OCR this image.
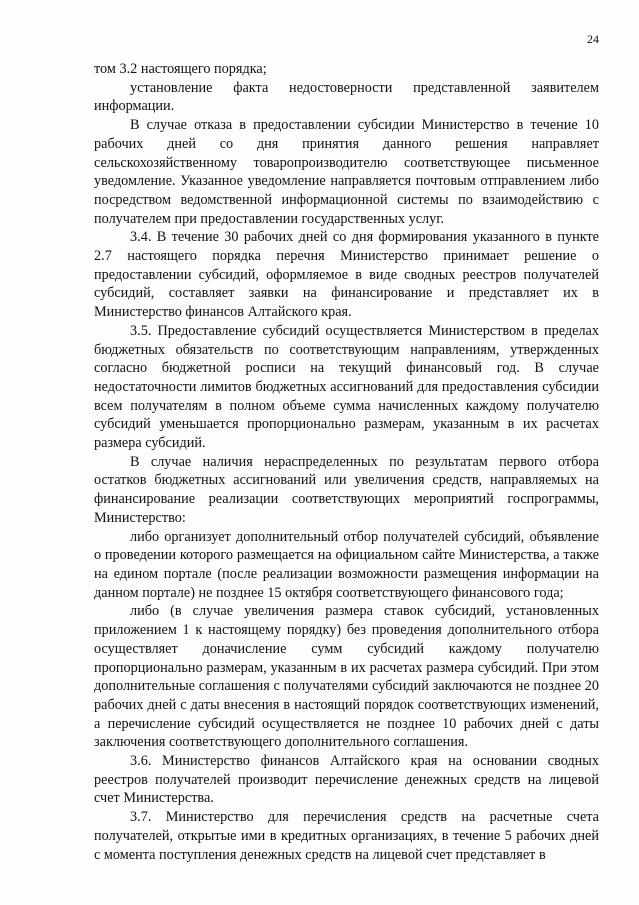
24

том 3.2 настоящего порядка;

установление факта недостоверности представленной заявителем информации.

В случае отказа в предоставлении субсидии Министерство в течение 10 рабочих дней со дня принятия данного решения направляет сельскохозяйственному товаропроизводителю соответствующее письменное уведомление. Указанное уведомление направляется почтовым отправлением либо посредством ведомственной информационной системы по взаимодействию с получателем при предоставлении государственных услуг.

3.4. В течение 30 рабочих дней со дня формирования указанного в пункте 2.7 настоящего порядка перечня Министерство принимает решение о предоставлении субсидий, оформляемое в виде сводных реестров получателей субсидий, составляет заявки на финансирование и представляет их в Министерство финансов Алтайского края.

3.5. Предоставление субсидий осуществляется Министерством в пределах бюджетных обязательств по соответствующим направлениям, утвержденных согласно бюджетной росписи на текущий финансовый год. В случае недостаточности лимитов бюджетных ассигнований для предоставления субсидии всем получателям в полном объеме сумма начисленных каждому получателю субсидий уменьшается пропорционально размерам, указанным в их расчетах размера субсидий.

В случае наличия нераспределенных по результатам первого отбора остатков бюджетных ассигнований или увеличения средств, направляемых на финансирование реализации соответствующих мероприятий госпрограммы, Министерство:

либо организует дополнительный отбор получателей субсидий, объявление о проведении которого размещается на официальном сайте Министерства, а также на едином портале (после реализации возможности размещения информации на данном портале) не позднее 15 октября соответствующего финансового года;

либо (в случае увеличения размера ставок субсидий, установленных приложением 1 к настоящему порядку) без проведения дополнительного отбора осуществляет доначисление сумм субсидий каждому получателю пропорционально размерам, указанным в их расчетах размера субсидий. При этом дополнительные соглашения с получателями субсидий заключаются не позднее 20 рабочих дней с даты внесения в настоящий порядок соответствующих изменений, а перечисление субсидий осуществляется не позднее 10 рабочих дней с даты заключения соответствующего дополнительного соглашения.

3.6. Министерство финансов Алтайского края на основании сводных реестров получателей производит перечисление денежных средств на лицевой счет Министерства.

3.7. Министерство для перечисления средств на расчетные счета получателей, открытые ими в кредитных организациях, в течение 5 рабочих дней с момента поступления денежных средств на лицевой счет представляет в
